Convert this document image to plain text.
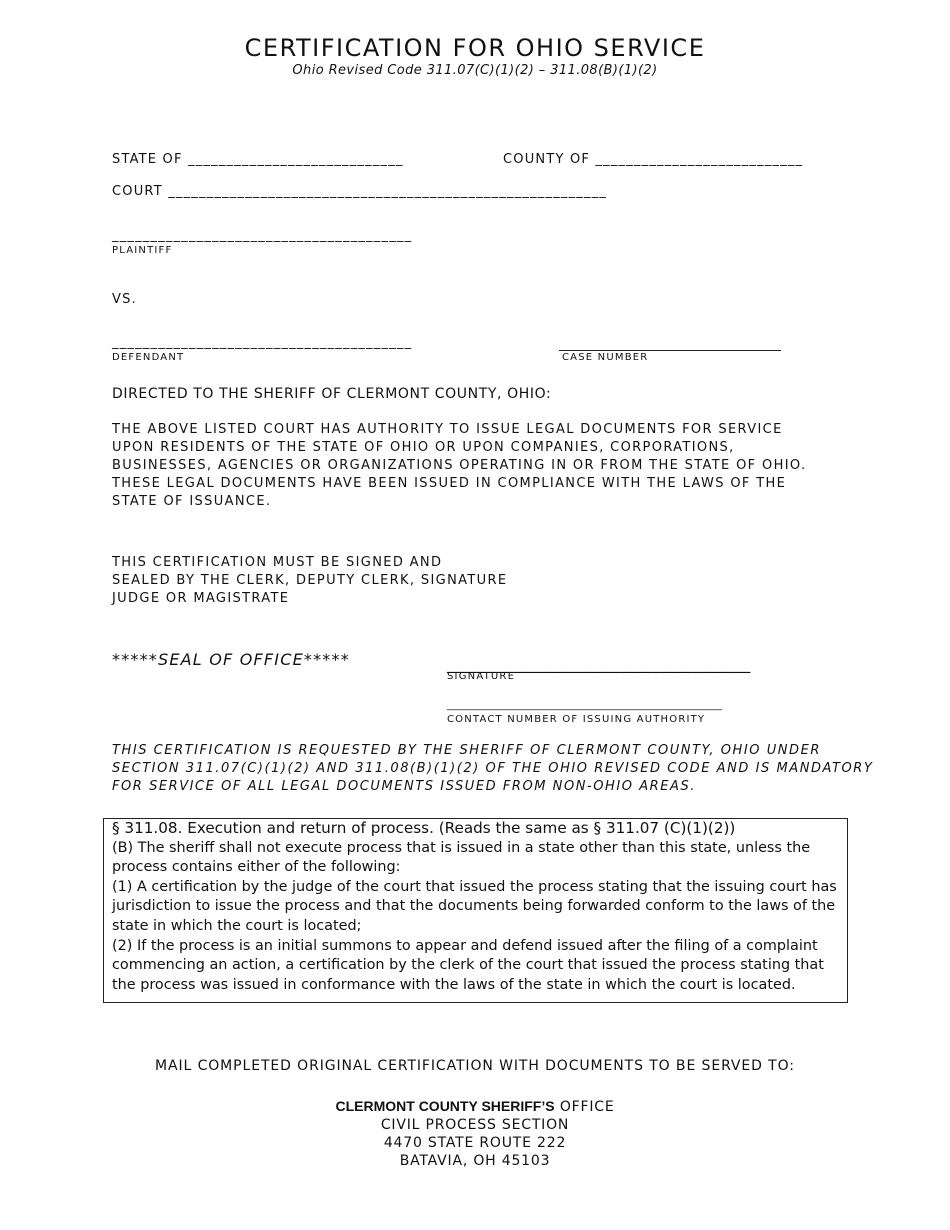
CERTIFICATION FOR OHIO SERVICE
Ohio Revised Code 311.07(C)(1)(2) – 311.08(B)(1)(2)
STATE OF ____________________________	COUNTY OF ___________________________
COURT _________________________________________________________
_______________________________________
PLAINTIFF
VS.
_______________________________________
DEFENDANT	CASE NUMBER
DIRECTED TO THE SHERIFF OF CLERMONT COUNTY, OHIO:
THE ABOVE LISTED COURT HAS AUTHORITY TO ISSUE LEGAL DOCUMENTS FOR SERVICE
UPON RESIDENTS OF THE STATE OF OHIO OR UPON COMPANIES, CORPORATIONS,
BUSINESSES, AGENCIES OR ORGANIZATIONS OPERATING IN OR FROM THE STATE OF OHIO.
THESE LEGAL DOCUMENTS HAVE BEEN ISSUED IN COMPLIANCE WITH THE LAWS OF THE
STATE OF ISSUANCE.
THIS CERTIFICATION MUST BE SIGNED AND
SEALED BY THE CLERK, DEPUTY CLERK, SIGNATURE
JUDGE OR MAGISTRATE
*****SEAL OF OFFICE*****	_____________________________________
SIGNATURE
_______________________________________________________
CONTACT NUMBER OF ISSUING AUTHORITY
THIS CERTIFICATION IS REQUESTED BY THE SHERIFF OF CLERMONT COUNTY, OHIO UNDER
SECTION 311.07(C)(1)(2) AND 311.08(B)(1)(2) OF THE OHIO REVISED CODE AND IS MANDATORY
FOR SERVICE OF ALL LEGAL DOCUMENTS ISSUED FROM NON-OHIO AREAS.

§ 311.08. Execution and return of process. (Reads the same as § 311.07 (C)(1)(2))

(B) The sheriff shall not execute process that is issued in a state other than this state, unless the process contains either of the following:

(1) A certification by the judge of the court that issued the process stating that the issuing court has jurisdiction to issue the process and that the documents being forwarded conform to the laws of the state in which the court is located;

(2) If the process is an initial summons to appear and defend issued after the filing of a complaint commencing an action, a certification by the clerk of the court that issued the process stating that the process was issued in conformance with the laws of the state in which the court is located.

MAIL COMPLETED ORIGINAL CERTIFICATION WITH DOCUMENTS TO BE SERVED TO:
CLERMONT COUNTY SHERIFF’S OFFICE
CIVIL PROCESS SECTION
4470 STATE ROUTE 222
BATAVIA, OH 45103
